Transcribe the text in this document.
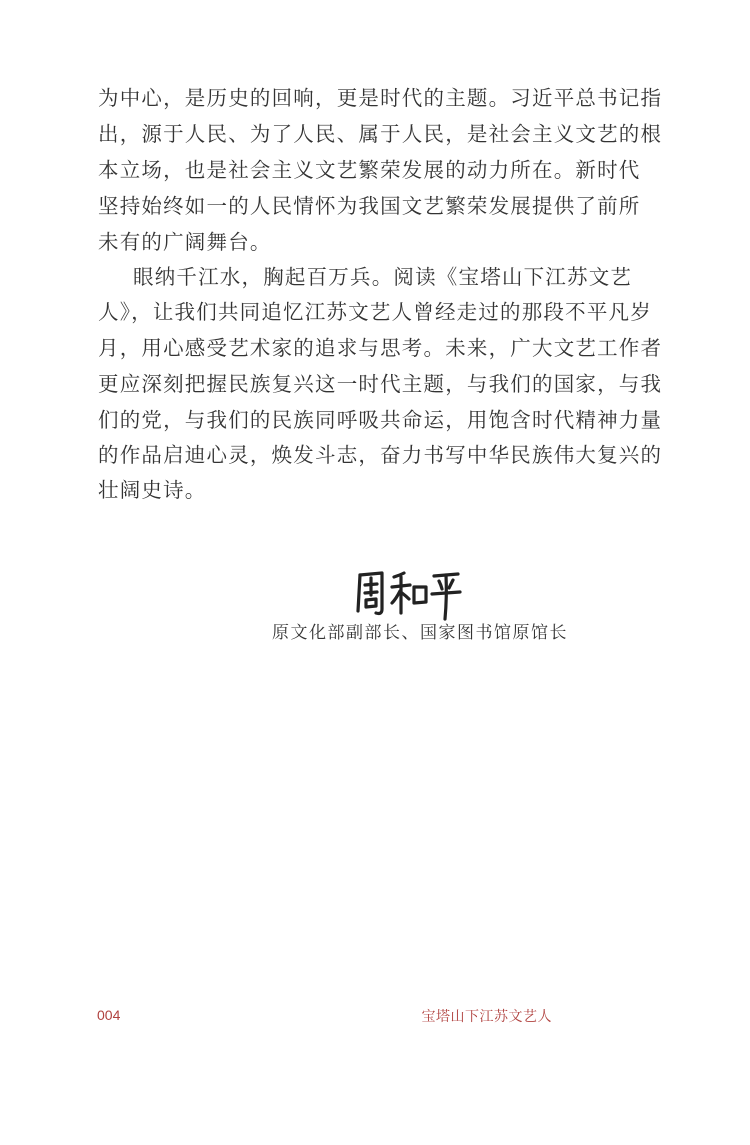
为中心，是历史的回响，更是时代的主题。习近平总书记指
出，源于人民、为了人民、属于人民，是社会主义文艺的根
本立场，也是社会主义文艺繁荣发展的动力所在。新时代
坚持始终如一的人民情怀为我国文艺繁荣发展提供了前所
未有的广阔舞台。
眼纳千江水，胸起百万兵。阅读《宝塔山下江苏文艺
人》，让我们共同追忆江苏文艺人曾经走过的那段不平凡岁
月，用心感受艺术家的追求与思考。未来，广大文艺工作者
更应深刻把握民族复兴这一时代主题，与我们的国家，与我
们的党，与我们的民族同呼吸共命运，用饱含时代精神力量
的作品启迪心灵，焕发斗志，奋力书写中华民族伟大复兴的
壮阔史诗。
原文化部副部长、国家图书馆原馆长
004	宝塔山下江苏文艺人
